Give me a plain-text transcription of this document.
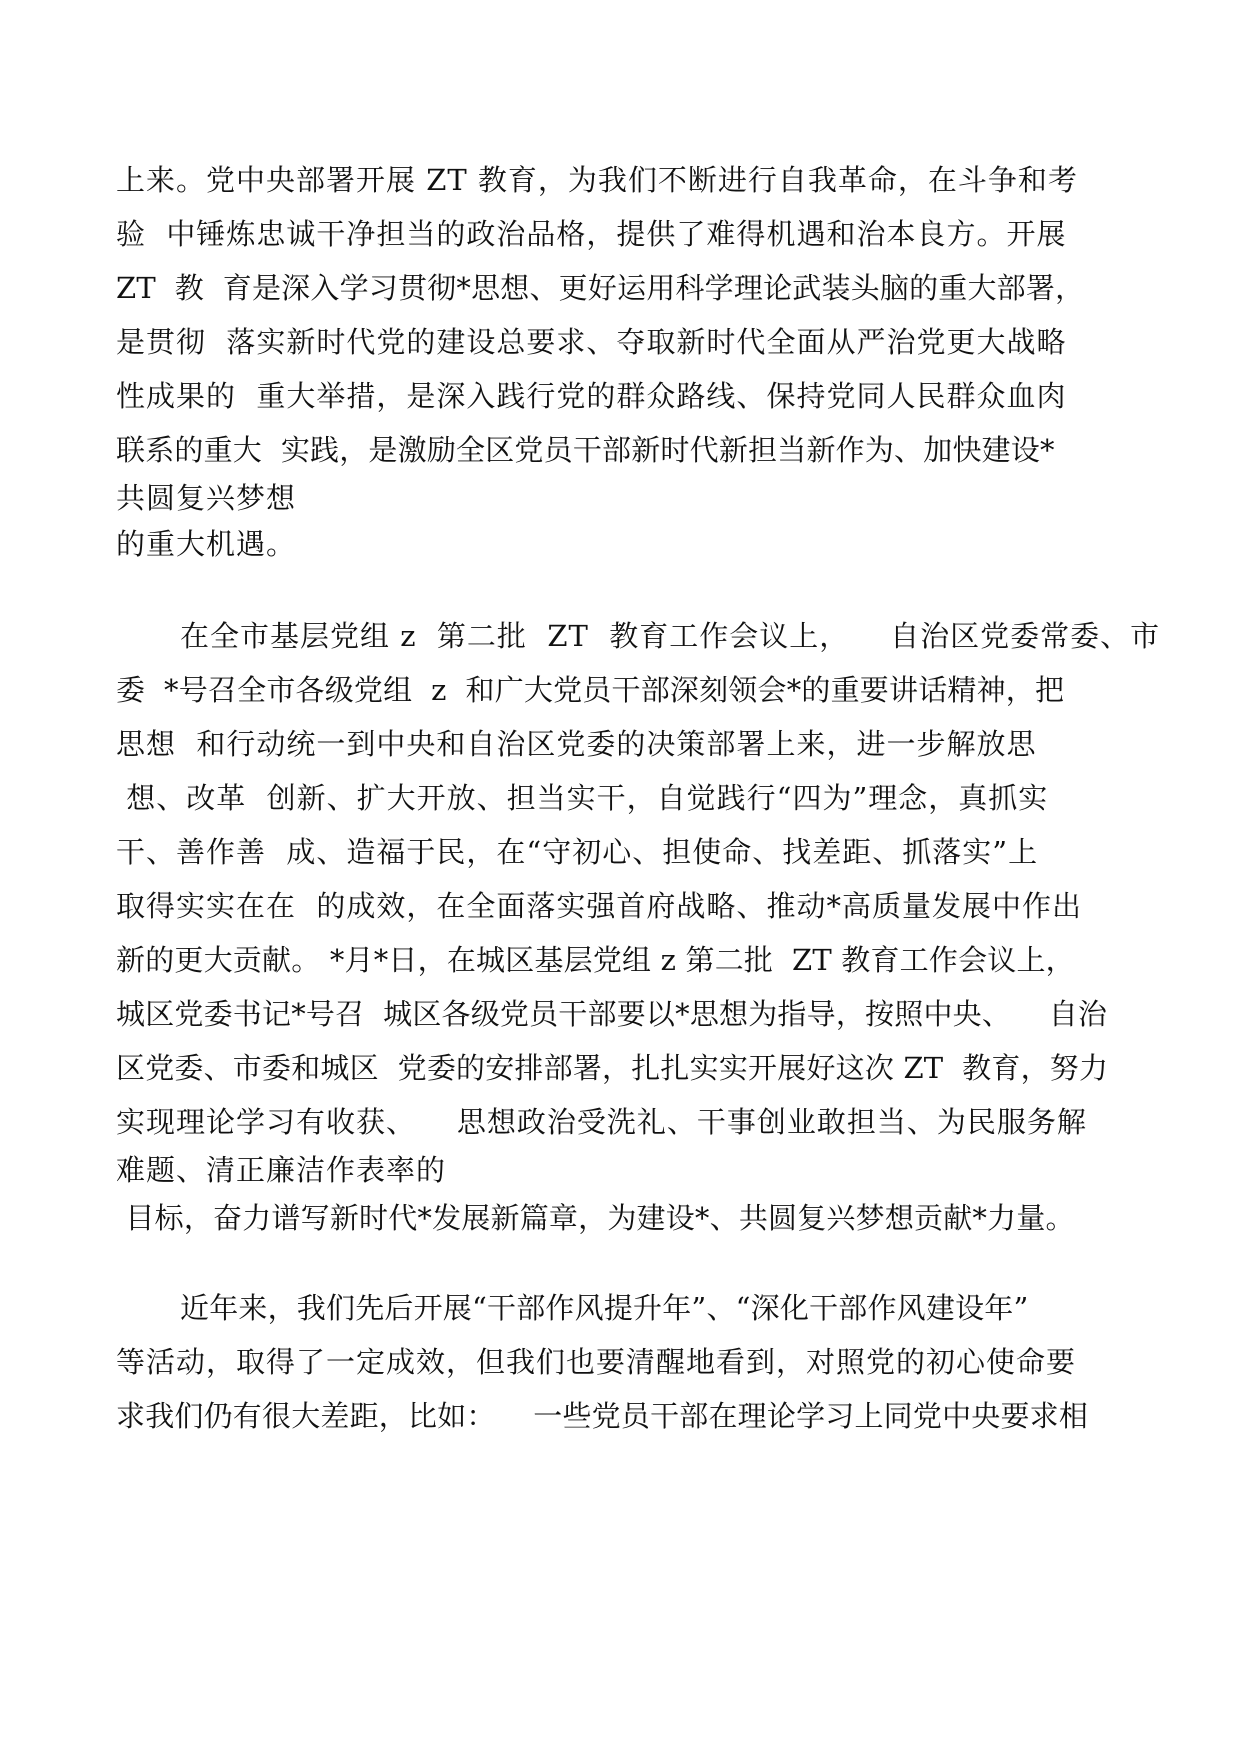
上来。党中央部署开展 ZT 教育，为我们不断进行自我革命，在斗争和考
验  中锤炼忠诚干净担当的政治品格，提供了难得机遇和治本良方。开展
ZT  教  育是深入学习贯彻*思想、更好运用科学理论武装头脑的重大部署，
是贯彻  落实新时代党的建设总要求、夺取新时代全面从严治党更大战略
性成果的  重大举措，是深入践行党的群众路线、保持党同人民群众血肉
联系的重大  实践，是激励全区党员干部新时代新担当新作为、加快建设*
共圆复兴梦想
的重大机遇。
在全市基层党组 z  第二批  ZT  教育工作会议上，    自治区党委常委、市
委  *号召全市各级党组  z  和广大党员干部深刻领会*的重要讲话精神，把
思想  和行动统一到中央和自治区党委的决策部署上来，进一步解放思
想、改革  创新、扩大开放、担当实干，自觉践行“四为”理念，真抓实
干、善作善  成、造福于民，在“守初心、担使命、找差距、抓落实”上
取得实实在在  的成效，在全面落实强首府战略、推动*高质量发展中作出
新的更大贡献。 *月*日，在城区基层党组 z 第二批  ZT 教育工作会议上，
城区党委书记*号召  城区各级党员干部要以*思想为指导，按照中央、    自治
区党委、市委和城区  党委的安排部署，扎扎实实开展好这次 ZT  教育，努力
实现理论学习有收获、    思想政治受洗礼、干事创业敢担当、为民服务解
难题、清正廉洁作表率的
目标，奋力谱写新时代*发展新篇章，为建设*、共圆复兴梦想贡献*力量。
近年来，我们先后开展“干部作风提升年”、“深化干部作风建设年”
等活动，取得了一定成效，但我们也要清醒地看到，对照党的初心使命要
求我们仍有很大差距，比如：    一些党员干部在理论学习上同党中央要求相
